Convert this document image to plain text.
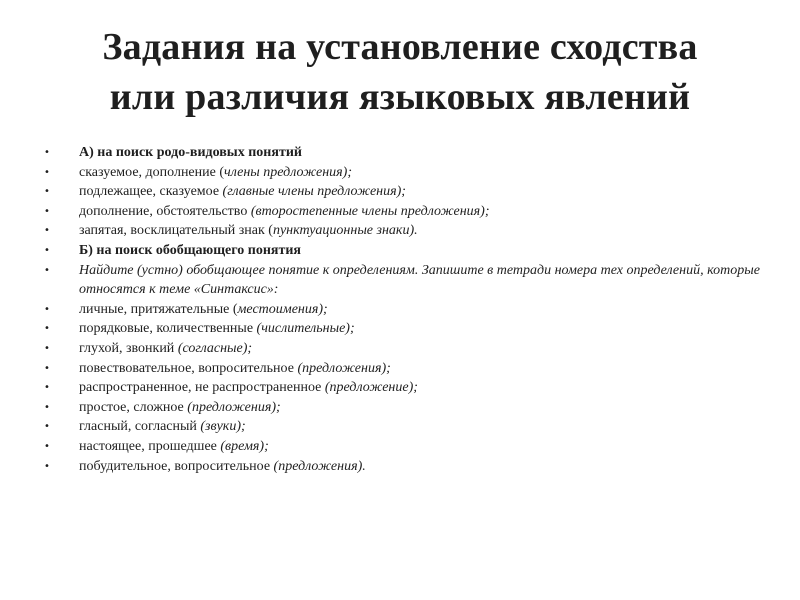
Задания на установление сходства
или различия языковых явлений
• А) на поиск родо-видовых понятий
• сказуемое, дополнение (члены предложения);
• подлежащее, сказуемое (главные члены предложения);
• дополнение, обстоятельство (второстепенные члены предложения);
• запятая, восклицательный знак (пунктуационные знаки).
• Б) на поиск обобщающего понятия
• Найдите (устно) обобщающее понятие к определениям. Запишите в тетради номера тех определений, которые относятся к теме «Синтаксис»:
• личные, притяжательные (местоимения);
• порядковые, количественные (числительные);
• глухой, звонкий (согласные);
• повествовательное, вопросительное (предложения);
• распространенное, не распространенное (предложение);
• простое, сложное (предложения);
• гласный, согласный (звуки);
• настоящее, прошедшее (время);
• побудительное, вопросительное (предложения).
